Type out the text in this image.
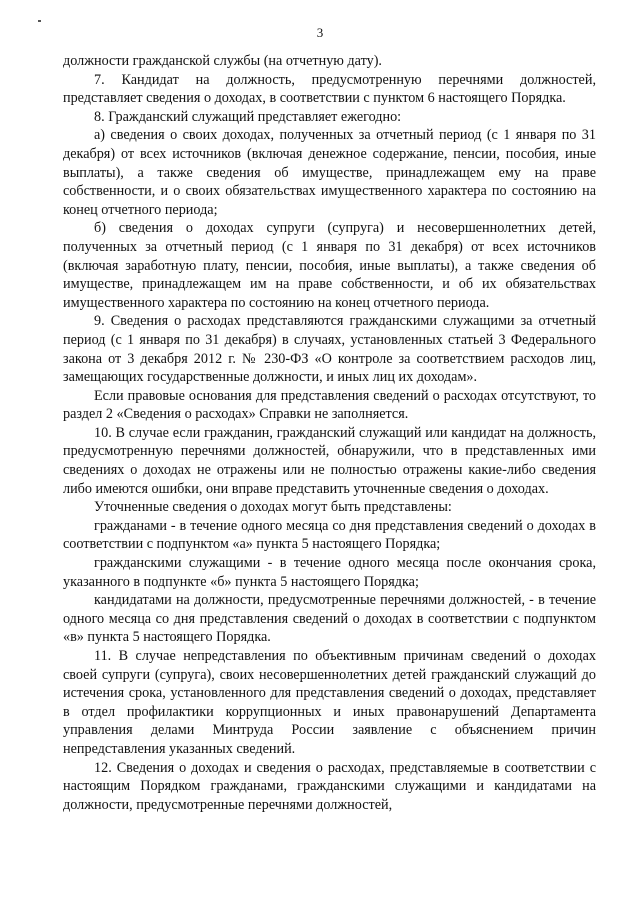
3

должности гражданской службы (на отчетную дату).

7. Кандидат на должность, предусмотренную перечнями должностей, представляет сведения о доходах, в соответствии с пунктом 6 настоящего Порядка.

8. Гражданский служащий представляет ежегодно:

а) сведения о своих доходах, полученных за отчетный период (с 1 января по 31 декабря) от всех источников (включая денежное содержание, пенсии, пособия, иные выплаты), а также сведения об имуществе, принадлежащем ему на праве собственности, и о своих обязательствах имущественного характера по состоянию на конец отчетного периода;

б) сведения о доходах супруги (супруга) и несовершеннолетних детей, полученных за отчетный период (с 1 января по 31 декабря) от всех источников (включая заработную плату, пенсии, пособия, иные выплаты), а также сведения об имуществе, принадлежащем им на праве собственности, и об их обязательствах имущественного характера по состоянию на конец отчетного периода.

9. Сведения о расходах представляются гражданскими служащими за отчетный период (с 1 января по 31 декабря) в случаях, установленных статьей 3 Федерального закона от 3 декабря 2012 г. № 230-ФЗ «О контроле за соответствием расходов лиц, замещающих государственные должности, и иных лиц их доходам».

Если правовые основания для представления сведений о расходах отсутствуют, то раздел 2 «Сведения о расходах» Справки не заполняется.

10. В случае если гражданин, гражданский служащий или кандидат на должность, предусмотренную перечнями должностей, обнаружили, что в представленных ими сведениях о доходах не отражены или не полностью отражены какие-либо сведения либо имеются ошибки, они вправе представить уточненные сведения о доходах.

Уточненные сведения о доходах могут быть представлены:

гражданами - в течение одного месяца со дня представления сведений о доходах в соответствии с подпунктом «а» пункта 5 настоящего Порядка;

гражданскими служащими - в течение одного месяца после окончания срока, указанного в подпункте «б» пункта 5 настоящего Порядка;

кандидатами на должности, предусмотренные перечнями должностей, - в течение одного месяца со дня представления сведений о доходах в соответствии с подпунктом «в» пункта 5 настоящего Порядка.

11. В случае непредставления по объективным причинам сведений о доходах своей супруги (супруга), своих несовершеннолетних детей гражданский служащий до истечения срока, установленного для представления сведений о доходах, представляет в отдел профилактики коррупционных и иных правонарушений Департамента управления делами Минтруда России заявление с объяснением причин непредставления указанных сведений.

12. Сведения о доходах и сведения о расходах, представляемые в соответствии с настоящим Порядком гражданами, гражданскими служащими и кандидатами на должности, предусмотренные перечнями должностей,
